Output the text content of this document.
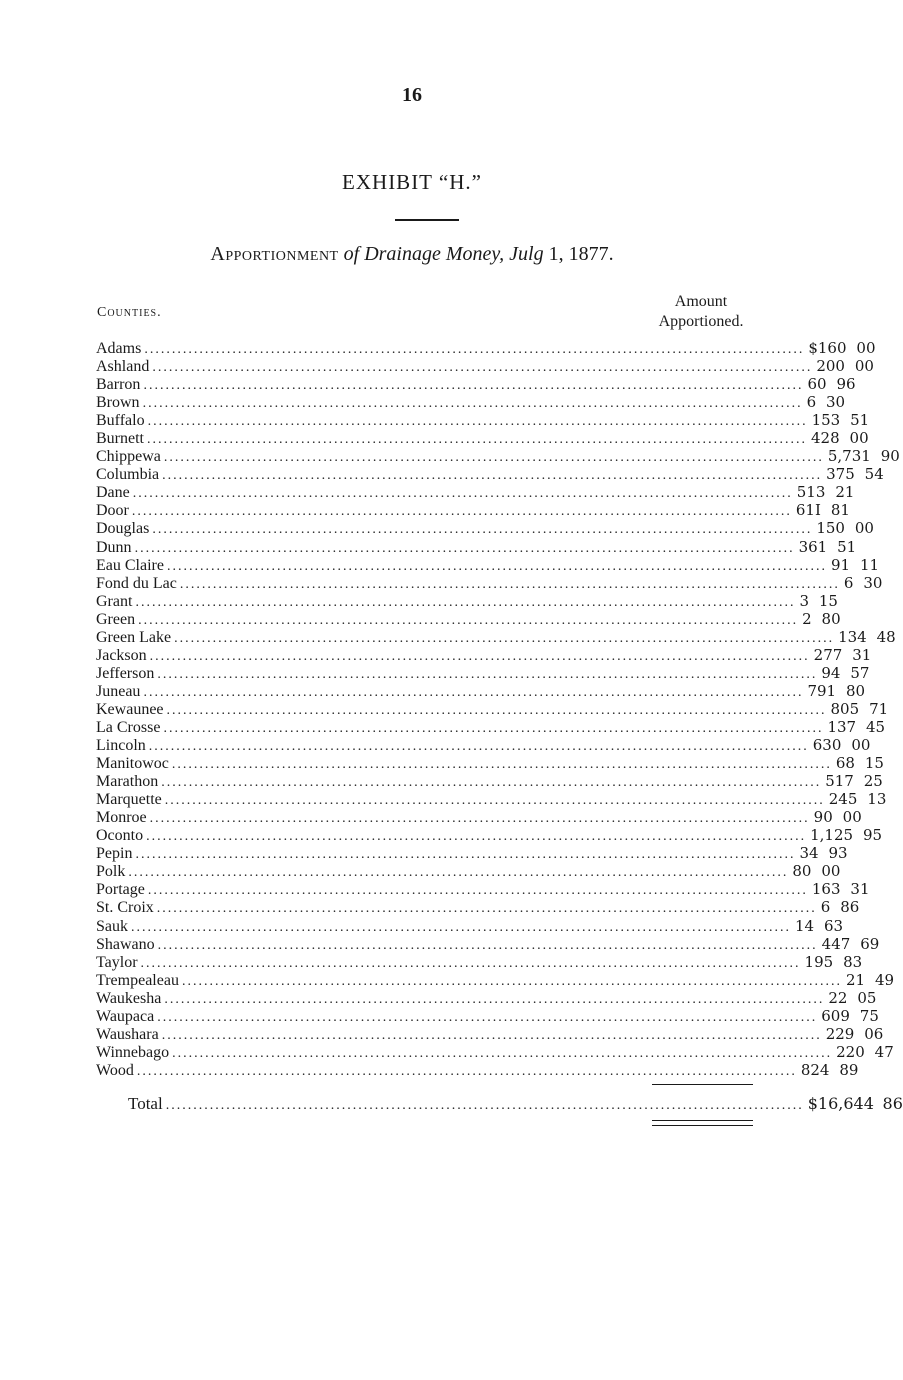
16
EXHIBIT “H.”
Apportionment of Drainage Money, Julg 1, 1877.
Counties.
Amount
Apportioned.
Adams ........................................................................................................................ $160 00
Ashland ........................................................................................................................ 200 00
Barron ........................................................................................................................ 60 96
Brown ........................................................................................................................ 6 30
Buffalo ........................................................................................................................ 153 51
Burnett ........................................................................................................................ 428 00
Chippewa ........................................................................................................................ 5,731 90
Columbia ........................................................................................................................ 375 54
Dane ........................................................................................................................ 513 21
Door ........................................................................................................................ 61I 81
Douglas ........................................................................................................................ 150 00
Dunn ........................................................................................................................ 361 51
Eau Claire ........................................................................................................................ 91 11
Fond du Lac ........................................................................................................................ 6 30
Grant ........................................................................................................................ 3 15
Green ........................................................................................................................ 2 80
Green Lake ........................................................................................................................ 134 48
Jackson ........................................................................................................................ 277 31
Jefferson ........................................................................................................................ 94 57
Juneau ........................................................................................................................ 791 80
Kewaunee ........................................................................................................................ 805 71
La Crosse ........................................................................................................................ 137 45
Lincoln ........................................................................................................................ 630 00
Manitowoc ........................................................................................................................ 68 15
Marathon ........................................................................................................................ 517 25
Marquette ........................................................................................................................ 245 13
Monroe ........................................................................................................................ 90 00
Oconto ........................................................................................................................ 1,125 95
Pepin ........................................................................................................................ 34 93
Polk ........................................................................................................................ 80 00
Portage ........................................................................................................................ 163 31
St. Croix ........................................................................................................................ 6 86
Sauk ........................................................................................................................ 14 63
Shawano ........................................................................................................................ 447 69
Taylor ........................................................................................................................ 195 83
Trempealeau ........................................................................................................................ 21 49
Waukesha ........................................................................................................................ 22 05
Waupaca ........................................................................................................................ 609 75
Waushara ........................................................................................................................ 229 06
Winnebago ........................................................................................................................ 220 47
Wood ........................................................................................................................ 824 89
Total .................................................................................................................... $16,644 86
